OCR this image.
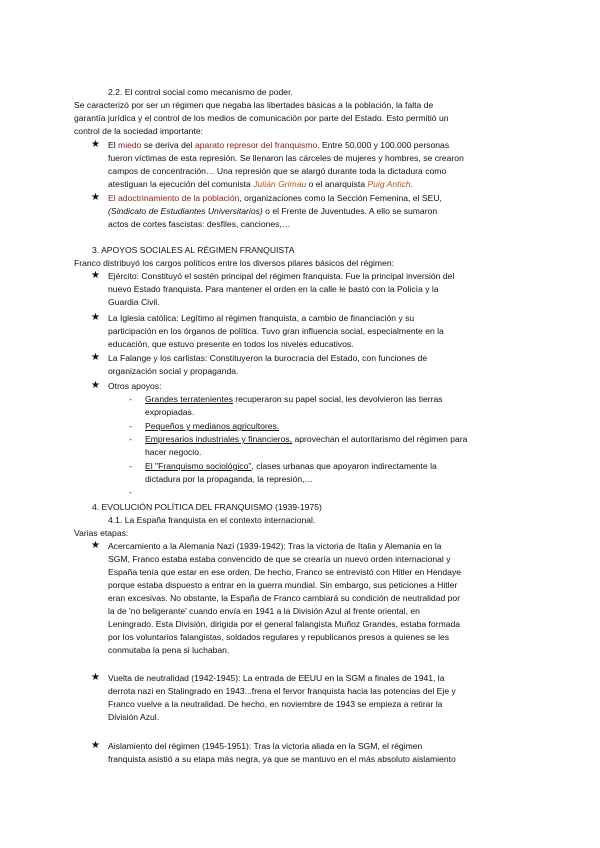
2.2. El control social como mecanismo de poder.
Se caracterizó por ser un régimen que negaba las libertades básicas a la población, la falta de
garantía jurídica y el control de los medios de comunicación por parte del Estado. Esto permitió un
control de la sociedad importante:
★ El miedo se deriva del aparato represor del franquismo. Entre 50.000 y 100.000 personas
fueron víctimas de esta represión. Se llenaron las cárceles de mujeres y hombres, se crearon
campos de concentración… Una represión que se alargó durante toda la dictadura como
atestiguan la ejecución del comunista Julián Grimau o el anarquista Puig Antich.
★ El adoctrinamiento de la población, organizaciones como la Sección Femenina, el SEU,
(Sindicato de Estudiantes Universitarios) o el Frente de Juventudes. A ello se sumaron
actos de cortes fascistas: desfiles, canciones,…
3. APOYOS SOCIALES AL RÉGIMEN FRANQUISTA
Franco distribuyó los cargos políticos entre los diversos pilares básicos del régimen:
★ Ejército: Constituyó el sostén principal del régimen franquista. Fue la principal inversión del
nuevo Estado franquista. Para mantener el orden en la calle le bastó con la Policía y la
Guardia Civil.
★ La Iglesia católica: Legítimo al régimen franquista, a cambio de financiación y su
participación en los órganos de política. Tuvo gran influencia social, especialmente en la
educación, que estuvo presente en todos los niveles educativos.
★ La Falange y los carlistas: Constituyeron la burocracia del Estado, con funciones de
organización social y propaganda.
★ Otros apoyos:
- Grandes terratenientes recuperaron su papel social, les devolvieron las tierras
expropiadas.
- Pequeños y medianos agricultores.
- Empresarios industriales y financieros, aprovechan el autoritarismo del régimen para
hacer negocio.
- El "Franquismo sociológico", clases urbanas que apoyaron indirectamente la
dictadura por la propaganda, la represión,…
-
4. EVOLUCIÓN POLÍTICA DEL FRANQUISMO (1939-1975)
4.1. La España franquista en el contexto internacional.
Varias etapas:
★ Acercamiento a la Alemania Nazi (1939-1942): Tras la victoria de Italia y Alemania en la
SGM, Franco estaba estaba convencido de que se crearía un nuevo orden internacional y
España tenía que estar en ese orden. De hecho, Franco se entrevistó con Hitler en Hendaye
porque estaba dispuesto a entrar en la guerra mundial. Sin embargo, sus peticiones a Hitler
eran excesivas. No obstante, la España de Franco cambiará su condición de neutralidad por
la de 'no beligerante' cuando envía en 1941 a la División Azul al frente oriental, en
Leningrado. Esta División, dirigida por el general falangista Muñoz Grandes, estaba formada
por los voluntarios falangistas, soldados regulares y republicanos presos a quienes se les
conmutaba la pena si luchaban.
★ Vuelta de neutralidad (1942-1945): La entrada de EEUU en la SGM a finales de 1941, la
derrota nazi en Stalingrado en 1943...frena el fervor franquista hacia las potencias del Eje y
Franco vuelve a la neutralidad. De hecho, en noviembre de 1943 se empieza a retirar la
División Azul.
★ Aislamiento del régimen (1945-1951): Tras la victoria aliada en la SGM, el régimen
franquista asistió a su etapa más negra, ya que se mantuvo en el más absoluto aislamiento
